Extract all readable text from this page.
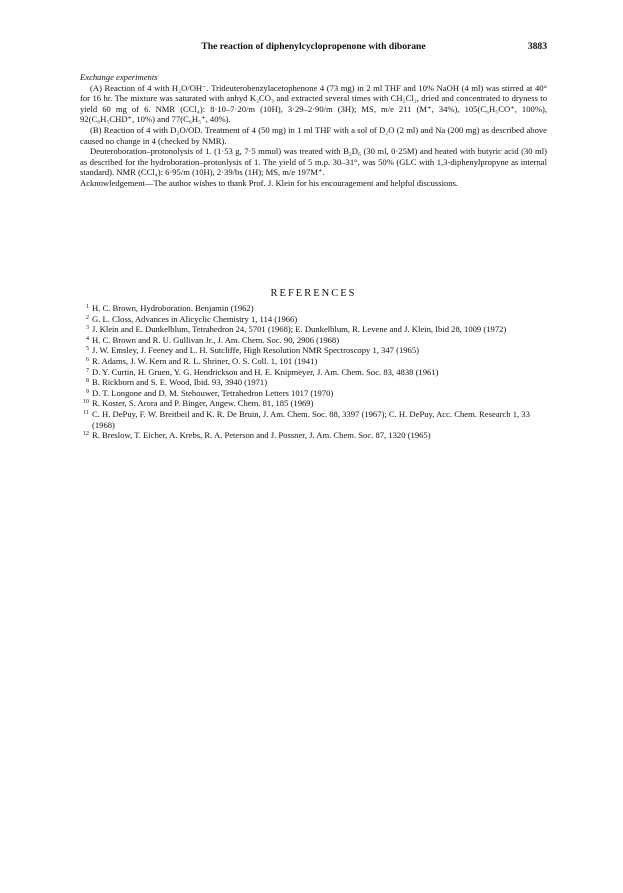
The reaction of diphenylcyclopropenone with diborane	3883

Exchange experiments

(A) Reaction of 4 with H₂O/OH⁻. Trideuterobenzylacetophenone 4 (73 mg) in 2 ml THF and 10% NaOH (4 ml) was stirred at 40° for 16 hr. The mixture was saturated with anhyd K₂CO₃ and extracted several times with CH₂Cl₂, dried and concentrated to dryness to yield 60 mg of 6. NMR (CCl₄): 8·10–7·20/m (10H), 3·29–2·90/m (3H); MS, m/e 211 (M⁺, 34%), 105(C₆H₅CO⁺, 100%), 92(C₆H₅CHD⁺, 10%) and 77(C₆H₅⁺, 40%).

(B) Reaction of 4 with D₂O/OD. Treatment of 4 (50 mg) in 1 ml THF with a sol of D₂O (2 ml) and Na (200 mg) as described above caused no change in 4 (checked by NMR).

Deuteroboration–protonolysis of 1. (1·53 g, 7·5 mmol) was treated with B₂D₆ (30 ml, 0·25M) and heated with butyric acid (30 ml) as described for the hydroboration–protonlysis of 1. The yield of 5 m.p. 30–31°, was 50% (GLC with 1,3-diphenylpropyne as internal standard). NMR (CCl₄): 6·95/m (10H), 2·39/bs (1H); MS, m/e 197M⁺.

Acknowledgement—The author wishes to thank Prof. J. Klein for his encouragement and helpful discussions.

REFERENCES
1 H. C. Brown, Hydroboration. Benjamin (1962)
2 G. L. Closs, Advances in Alicyclic Chemistry 1, 114 (1966)
3 J. Klein and E. Dunkelblum, Tetrahedron 24, 5701 (1968); E. Dunkelblum, R. Levene and J. Klein, Ibid 28, 1009 (1972)
4 H. C. Brown and R. U. Gullivan Jr., J. Am. Chem. Soc. 90, 2906 (1968)
5 J. W. Emsley, J. Feeney and L. H. Sutcliffe, High Resolution NMR Spectroscopy 1, 347 (1965)
6 R. Adams, J. W. Kern and R. L. Shriner, O. S. Coll. 1, 101 (1941)
7 D. Y. Curtin, H. Gruen, Y. G. Hendrickson and H. E. Knipmeyer, J. Am. Chem. Soc. 83, 4838 (1961)
8 B. Rickborn and S. E. Wood, Ibid. 93, 3940 (1971)
9 D. T. Longone and D. M. Stehouwer, Tetrahedron Letters 1017 (1970)
10 R. Koster, S. Arora and P. Binger, Angew. Chem. 81, 185 (1969)
11 C. H. DePuy, F. W. Breitbeil and K. R. De Bruin, J. Am. Chem. Soc. 88, 3397 (1967); C. H. DePuy, Acc. Chem. Research 1, 33 (1968)
12 R. Breslow, T. Eicher, A. Krebs, R. A. Peterson and J. Possner, J. Am. Chem. Soc. 87, 1320 (1965)
